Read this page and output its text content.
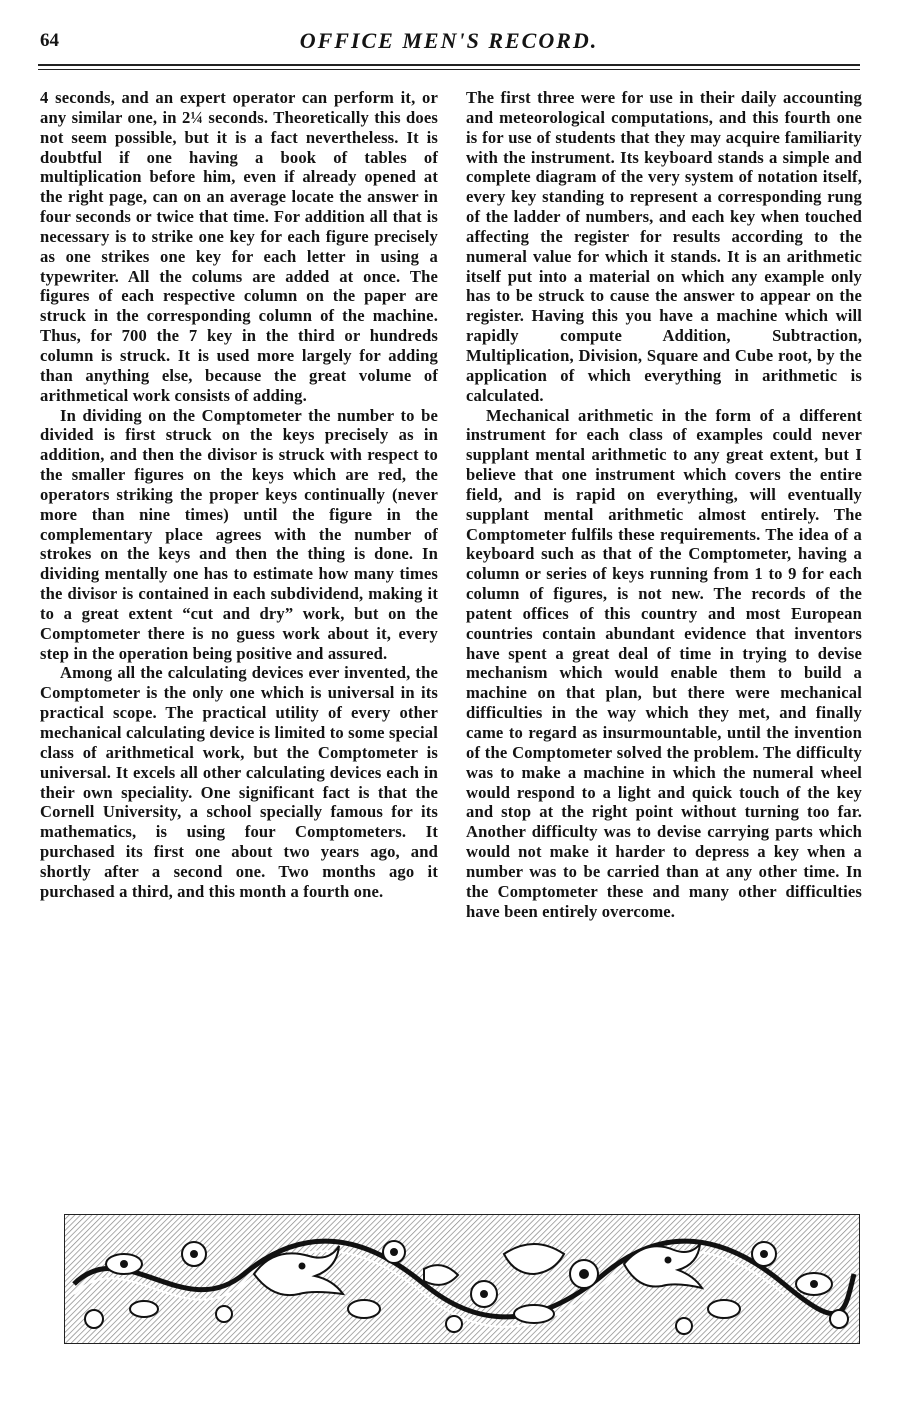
64	OFFICE MEN'S RECORD.

4 seconds, and an expert operator can perform it, or any similar one, in 2¼ seconds. Theoretically this does not seem possible, but it is a fact nevertheless. It is doubtful if one having a book of tables of multiplication before him, even if already opened at the right page, can on an average locate the answer in four seconds or twice that time. For addition all that is necessary is to strike one key for each figure precisely as one strikes one key for each letter in using a typewriter. All the colums are added at once. The figures of each respective column on the paper are struck in the corresponding column of the machine. Thus, for 700 the 7 key in the third or hundreds column is struck. It is used more largely for adding than anything else, because the great volume of arithmetical work consists of adding.

In dividing on the Comptometer the number to be divided is first struck on the keys precisely as in addition, and then the divisor is struck with respect to the smaller figures on the keys which are red, the operators striking the proper keys continually (never more than nine times) until the figure in the complementary place agrees with the number of strokes on the keys and then the thing is done. In dividing mentally one has to estimate how many times the divisor is contained in each subdividend, making it to a great extent “cut and dry” work, but on the Comptometer there is no guess work about it, every step in the operation being positive and assured.

Among all the calculating devices ever invented, the Comptometer is the only one which is universal in its practical scope. The practical utility of every other mechanical calculating device is limited to some special class of arithmetical work, but the Comptometer is universal. It excels all other calculating devices each in their own speciality. One significant fact is that the Cornell University, a school specially famous for its mathematics, is using four Comptometers. It purchased its first one about two years ago, and shortly after a second one. Two months ago it purchased a third, and this month a fourth one.

The first three were for use in their daily accounting and meteorological computations, and this fourth one is for use of students that they may acquire familiarity with the instrument. Its keyboard stands a simple and complete diagram of the very system of notation itself, every key standing to represent a corresponding rung of the ladder of numbers, and each key when touched affecting the register for results according to the numeral value for which it stands. It is an arithmetic itself put into a material on which any example only has to be struck to cause the answer to appear on the register. Having this you have a machine which will rapidly compute Addition, Subtraction, Multiplication, Division, Square and Cube root, by the application of which everything in arithmetic is calculated.

Mechanical arithmetic in the form of a different instrument for each class of examples could never supplant mental arithmetic to any great extent, but I believe that one instrument which covers the entire field, and is rapid on everything, will eventually supplant mental arithmetic almost entirely. The Comptometer fulfils these requirements. The idea of a keyboard such as that of the Comptometer, having a column or series of keys running from 1 to 9 for each column of figures, is not new. The records of the patent offices of this country and most European countries contain abundant evidence that inventors have spent a great deal of time in trying to devise mechanism which would enable them to build a machine on that plan, but there were mechanical difficulties in the way which they met, and finally came to regard as insurmountable, until the invention of the Comptometer solved the problem. The difficulty was to make a machine in which the numeral wheel would respond to a light and quick touch of the key and stop at the right point without turning too far. Another difficulty was to devise carrying parts which would not make it harder to depress a key when a number was to be carried than at any other time. In the Comptometer these and many other difficulties have been entirely overcome.
